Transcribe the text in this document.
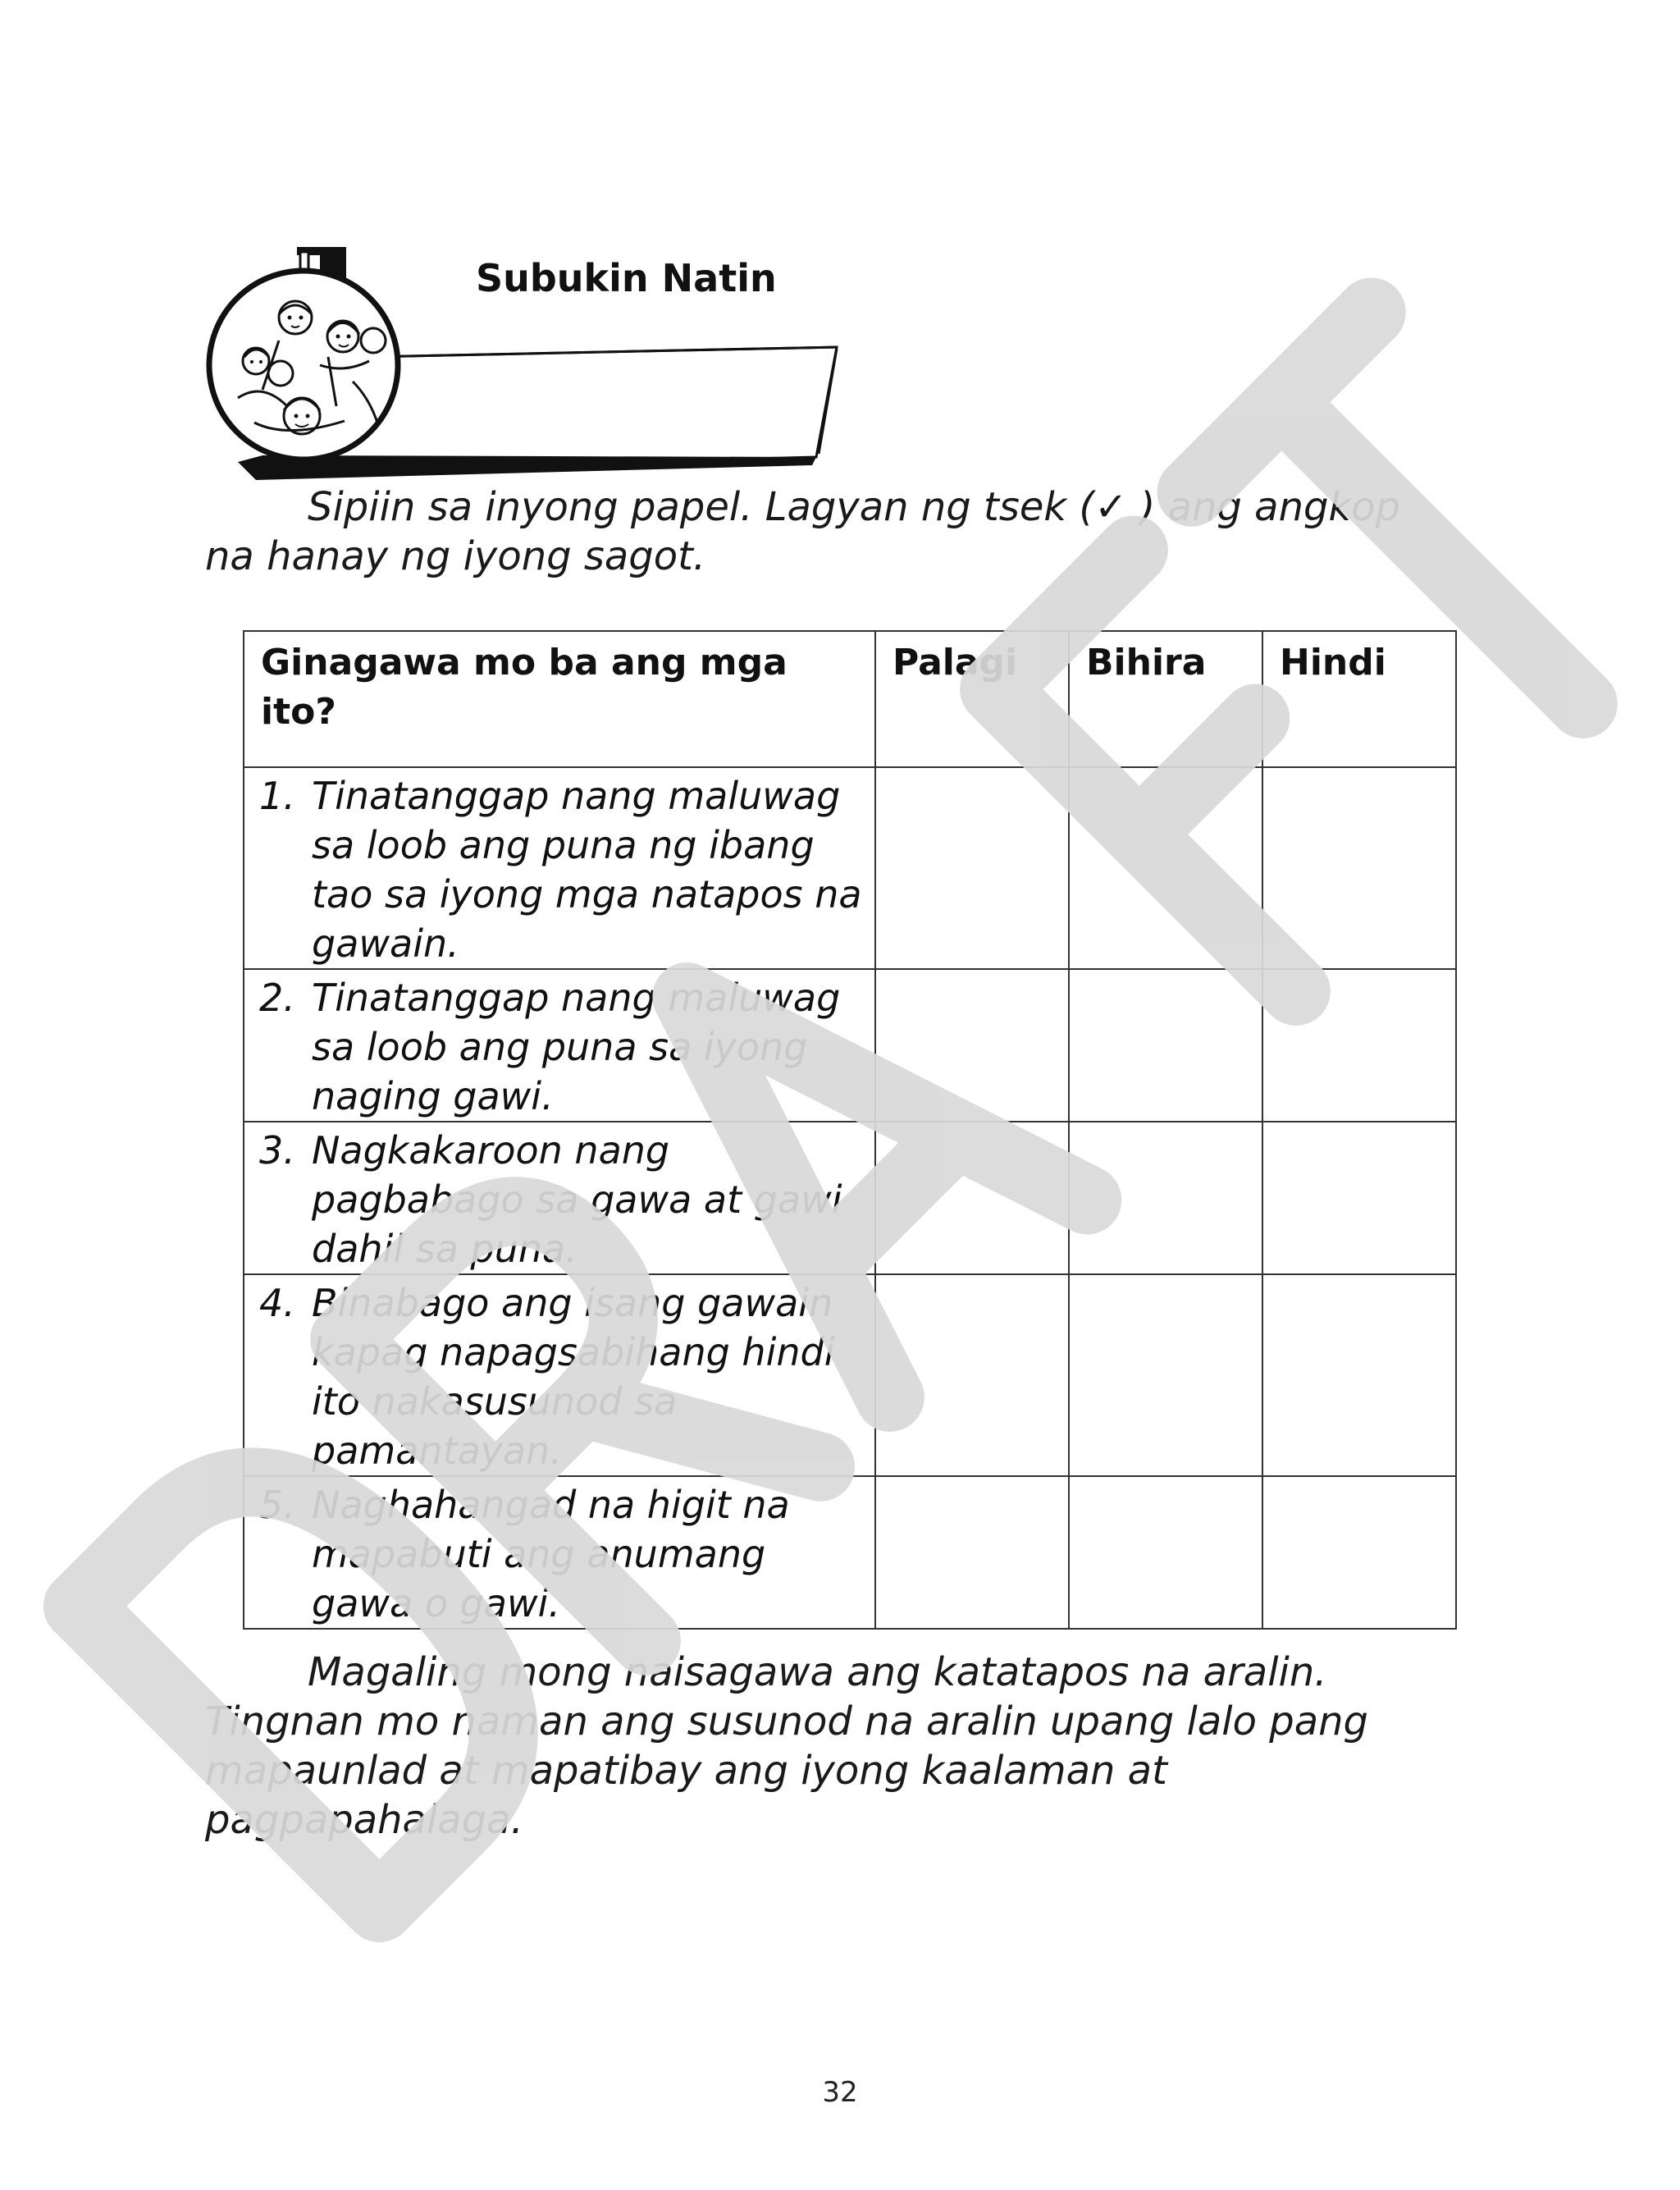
Subukin Natin

Sipiin sa inyong papel. Lagyan ng tsek (✓ ) ang angkop na hanay ng iyong sagot.

Ginagawa mo ba ang mga ito?	Palagi	Bihira	Hindi

1. Tinatanggap nang maluwag sa loob ang puna ng ibang tao sa iyong mga natapos na gawain.			

2. Tinatanggap nang maluwag sa loob ang puna sa iyong naging gawi.			

3. Nagkakaroon nang pagbabago sa gawa at gawi dahil sa puna.			

4. Binabago ang isang gawain kapag napagsabihang hindi ito nakasusunod sa pamantayan.			

5. Naghahangad na higit na mapabuti ang anumang gawa o gawi.			

Magaling mong naisagawa ang katatapos na aralin. Tingnan mo naman ang susunod na aralin upang lalo pang mapaunlad at mapatibay ang iyong kaalaman at pagpapahalaga.

32
